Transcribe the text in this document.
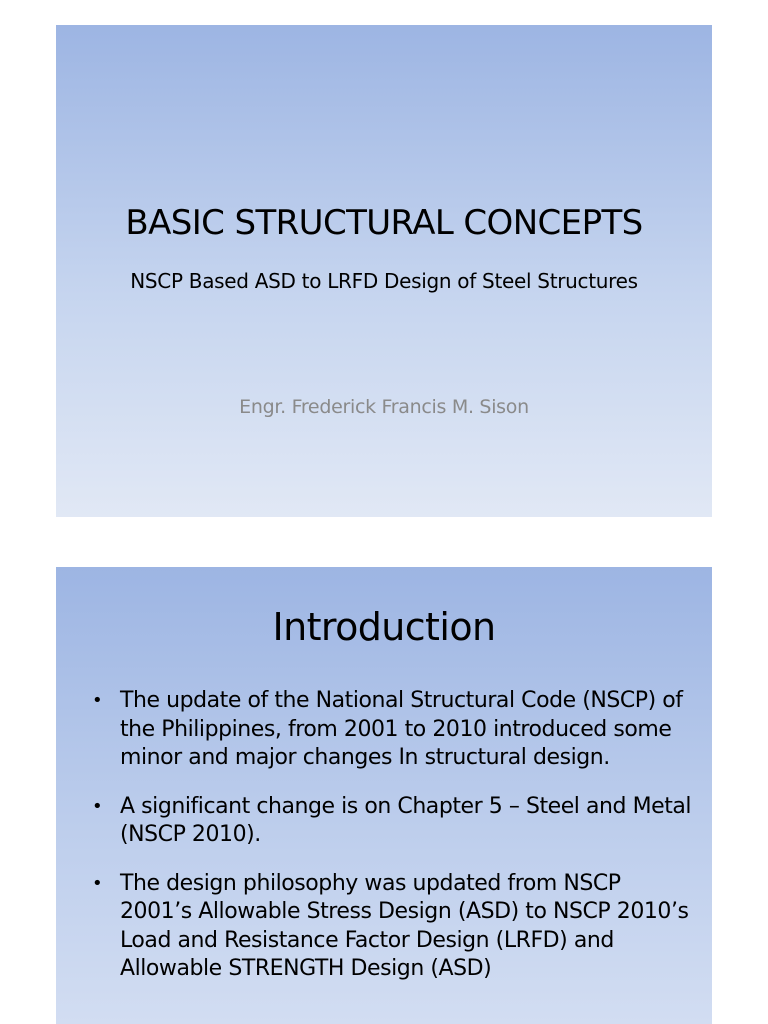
BASIC STRUCTURAL CONCEPTS
NSCP Based ASD to LRFD Design of Steel Structures
Engr. Frederick Francis M. Sison
Introduction
• The update of the National Structural Code (NSCP) of the Philippines, from 2001 to 2010 introduced some minor and major changes In structural design.
• A significant change is on Chapter 5 – Steel and Metal (NSCP 2010).
• The design philosophy was updated from NSCP 2001’s Allowable Stress Design (ASD) to NSCP 2010’s Load and Resistance Factor Design (LRFD) and Allowable STRENGTH Design (ASD)
